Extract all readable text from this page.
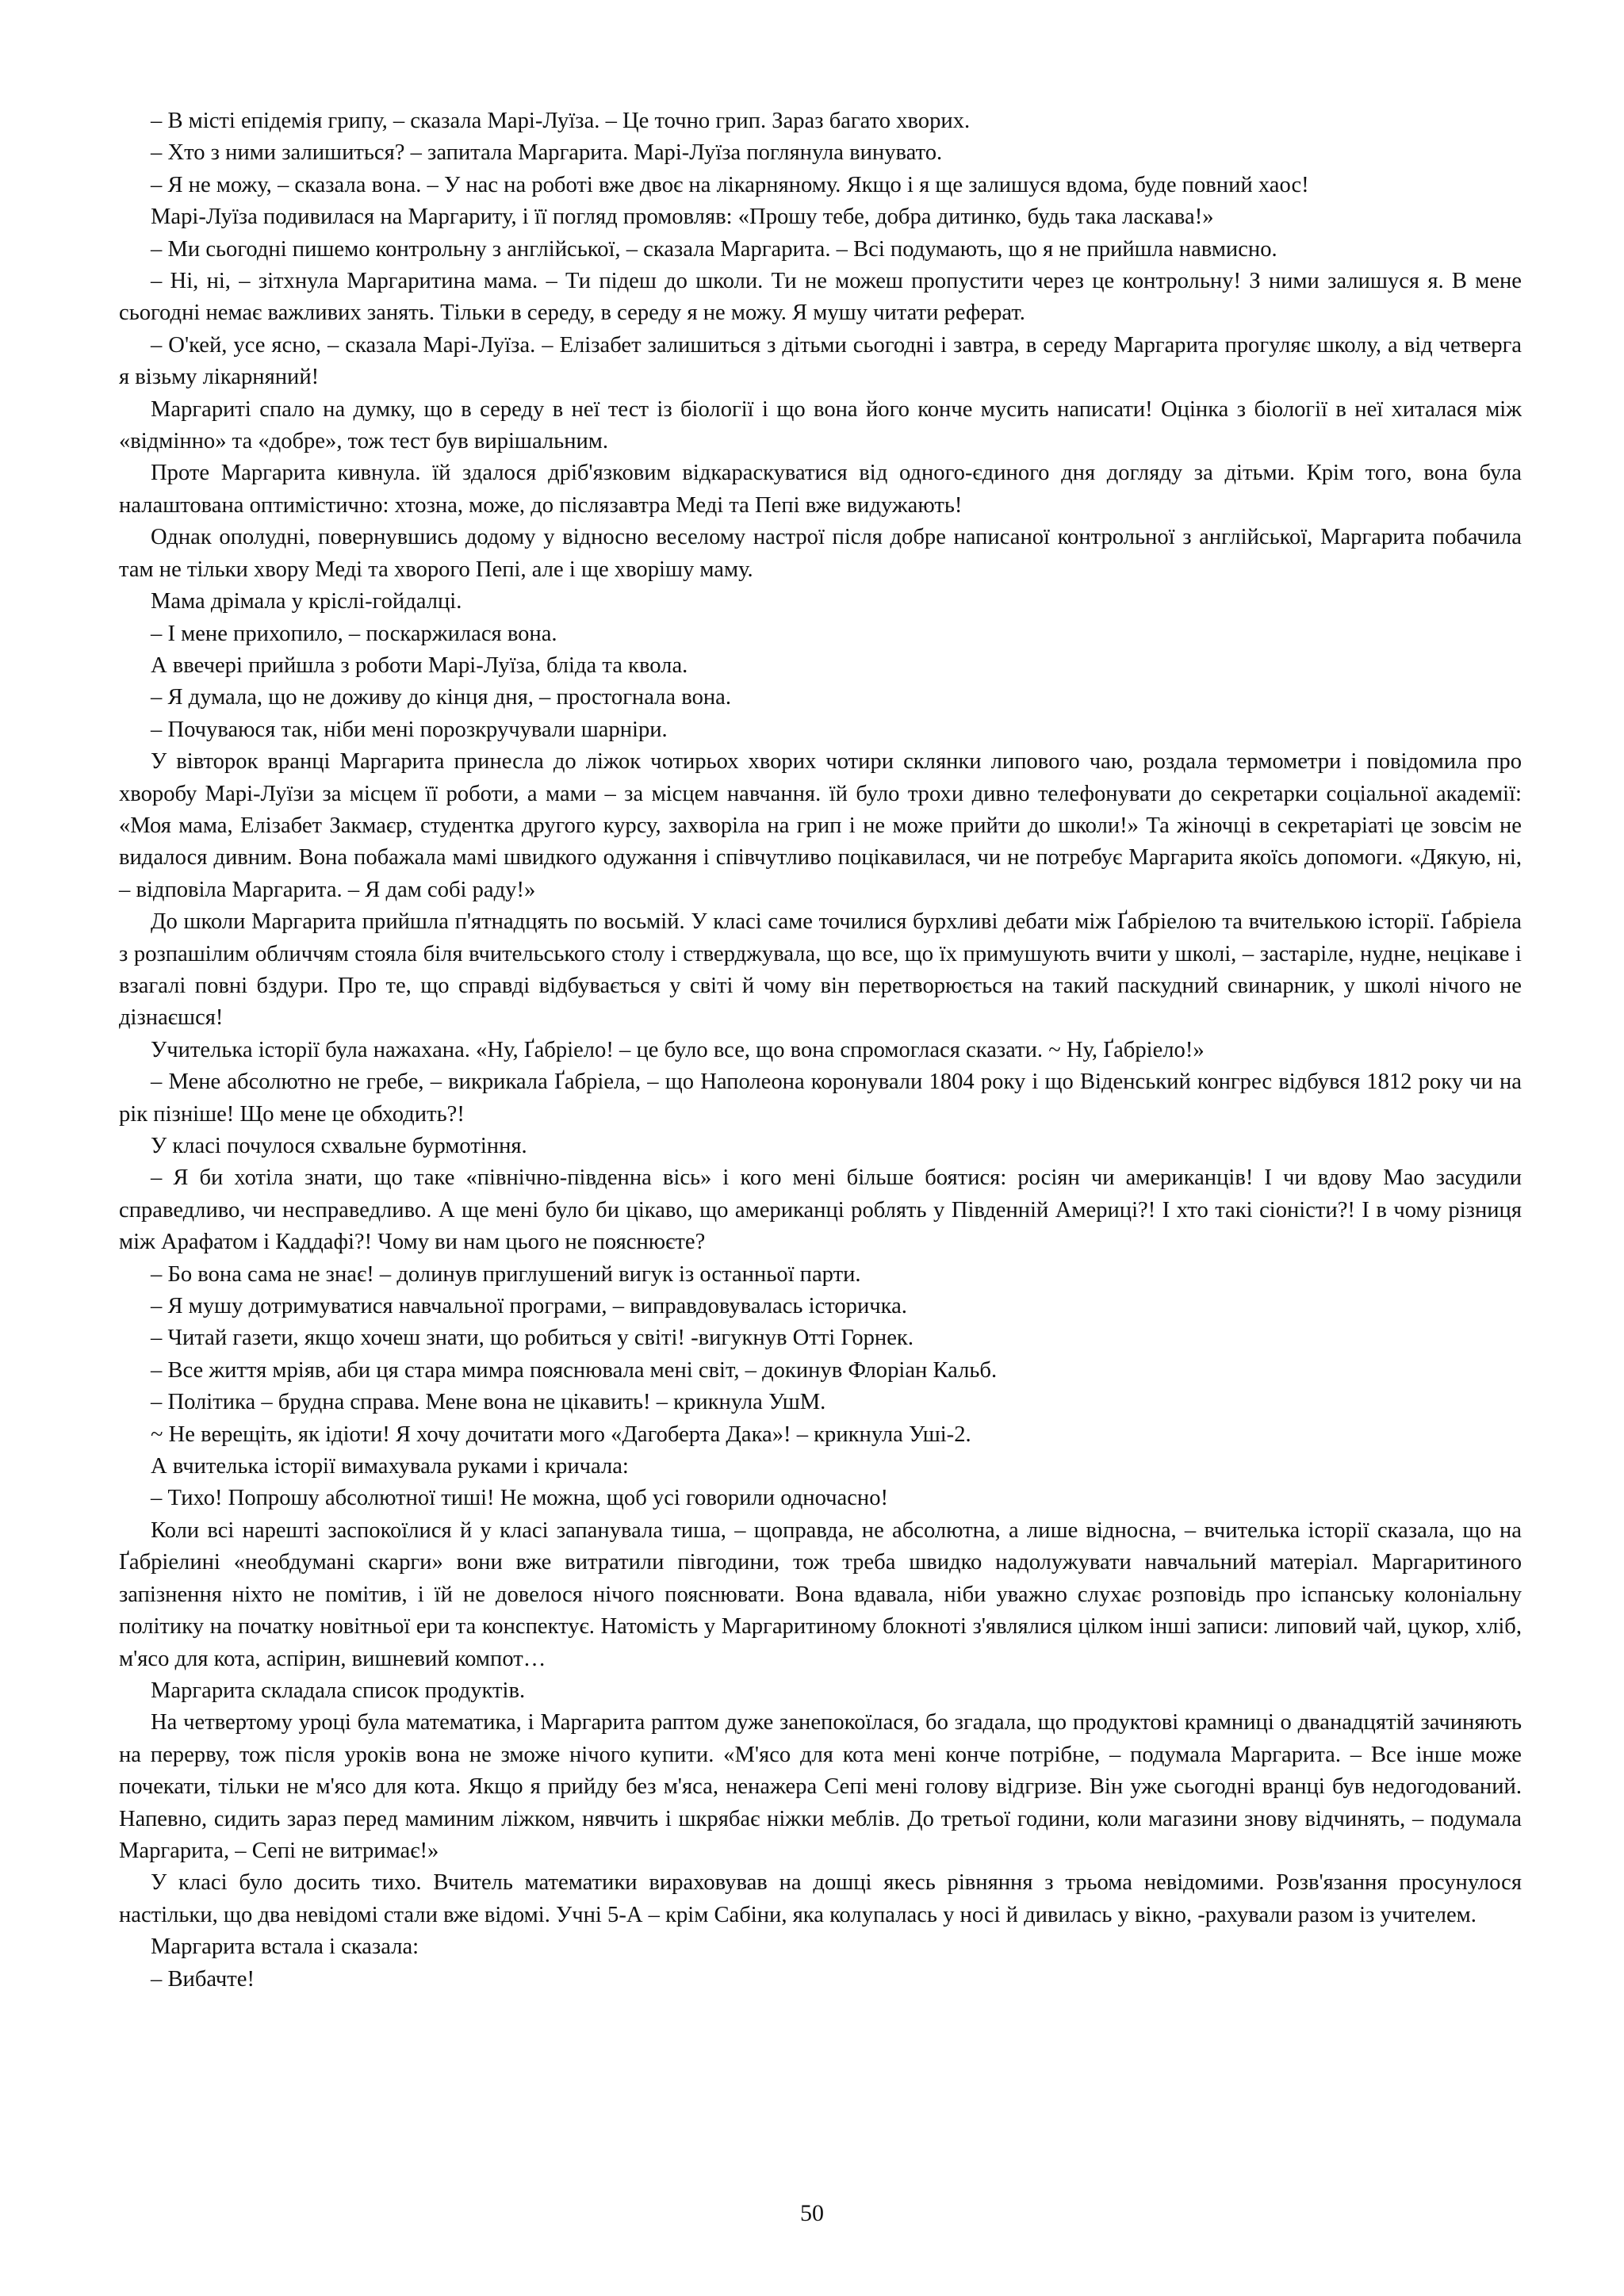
– В місті епідемія грипу, – сказала Марі-Луїза. – Це точно грип. Зараз багато хворих.

– Хто з ними залишиться? – запитала Маргарита. Марі-Луїза поглянула винувато.

– Я не можу, – сказала вона. – У нас на роботі вже двоє на лікарняному. Якщо і я ще залишуся вдома, буде повний хаос!

Марі-Луїза подивилася на Маргариту, і її погляд промовляв: «Прошу тебе, добра дитинко, будь така ласкава!»

– Ми сьогодні пишемо контрольну з англійської, – сказала Маргарита. – Всі подумають, що я не прийшла навмисно.

– Ні, ні, – зітхнула Маргаритина мама. – Ти підеш до школи. Ти не можеш пропустити через це контрольну! З ними залишуся я. В мене сьогодні немає важливих занять. Тільки в середу, в середу я не можу. Я мушу читати реферат.

– О'кей, усе ясно, – сказала Марі-Луїза. – Елізабет залишиться з дітьми сьогодні і завтра, в середу Маргарита прогуляє школу, а від четверга я візьму лікарняний!

Маргариті спало на думку, що в середу в неї тест із біології і що вона його конче мусить написати! Оцінка з біології в неї хиталася між «відмінно» та «добре», тож тест був вирішальним.

Проте Маргарита кивнула. їй здалося дріб'язковим відкараскуватися від одного-єдиного дня догляду за дітьми. Крім того, вона була налаштована оптимістично: хтозна, може, до післязавтра Меді та Пепі вже видужають!

Однак ополудні, повернувшись додому у відносно веселому настрої після добре написаної контрольної з англійської, Маргарита побачила там не тільки хвору Меді та хворого Пепі, але і ще хворішу маму.

Мама дрімала у кріслі-гойдалці.

– І мене прихопило, – поскаржилася вона.

А ввечері прийшла з роботи Марі-Луїза, бліда та квола.

– Я думала, що не доживу до кінця дня, – простогнала вона.

– Почуваюся так, ніби мені порозкручували шарніри.

У вівторок вранці Маргарита принесла до ліжок чотирьох хворих чотири склянки липового чаю, роздала термометри і повідомила про хворобу Марі-Луїзи за місцем її роботи, а мами – за місцем навчання. їй було трохи дивно телефонувати до секретарки соціальної академії: «Моя мама, Елізабет Закмаєр, студентка другого курсу, захворіла на грип і не може прийти до школи!» Та жіночці в секретаріаті це зовсім не видалося дивним. Вона побажала мамі швидкого одужання і співчутливо поцікавилася, чи не потребує Маргарита якоїсь допомоги. «Дякую, ні, – відповіла Маргарита. – Я дам собі раду!»

До школи Маргарита прийшла п'ятнадцять по восьмій. У класі саме точилися бурхливі дебати між Ґабріелою та вчителькою історії. Ґабріела з розпашілим обличчям стояла біля вчительського столу і стверджувала, що все, що їх примушують вчити у школі, – застаріле, нудне, нецікаве і взагалі повні бздури. Про те, що справді відбувається у світі й чому він перетворюється на такий паскудний свинарник, у школі нічого не дізнаєшся!

Учителька історії була нажахана. «Ну, Ґабріело! – це було все, що вона спромоглася сказати. ~ Ну, Ґабріело!»

– Мене абсолютно не гребе, – викрикала Ґабріела, – що Наполеона коронували 1804 року і що Віденський конгрес відбувся 1812 року чи на рік пізніше! Що мене це обходить?!

У класі почулося схвальне бурмотіння.

– Я би хотіла знати, що таке «північно-південна вісь» і кого мені більше боятися: росіян чи американців! І чи вдову Мао засудили справедливо, чи несправедливо. А ще мені було би цікаво, що американці роблять у Південній Америці?! І хто такі сіоністи?! І в чому різниця між Арафатом і Каддафі?! Чому ви нам цього не пояснюєте?

– Бо вона сама не знає! – долинув приглушений вигук із останньої парти.

– Я мушу дотримуватися навчальної програми, – виправдовувалась історичка.

– Читай газети, якщо хочеш знати, що робиться у світі! -вигукнув Отті Горнек.

– Все життя мріяв, аби ця стара мимра пояснювала мені світ, – докинув Флоріан Кальб.

– Політика – брудна справа. Мене вона не цікавить! – крикнула УшМ.

~ Не верещіть, як ідіоти! Я хочу дочитати мого «Дагоберта Дака»! – крикнула Уші-2.

А вчителька історії вимахувала руками і кричала:

– Тихо! Попрошу абсолютної тиші! Не можна, щоб усі говорили одночасно!

Коли всі нарешті заспокоїлися й у класі запанувала тиша, – щоправда, не абсолютна, а лише відносна, – вчителька історії сказала, що на Ґабріелині «необдумані скарги» вони вже витратили півгодини, тож треба швидко надолужувати навчальний матеріал. Маргаритиного запізнення ніхто не помітив, і їй не довелося нічого пояснювати. Вона вдавала, ніби уважно слухає розповідь про іспанську колоніальну політику на початку новітньої ери та конспектує. Натомість у Маргаритиному блокноті з'являлися цілком інші записи: липовий чай, цукор, хліб, м'ясо для кота, аспірин, вишневий компот…

Маргарита складала список продуктів.

На четвертому уроці була математика, і Маргарита раптом дуже занепокоїлася, бо згадала, що продуктові крамниці о дванадцятій зачиняють на перерву, тож після уроків вона не зможе нічого купити. «М'ясо для кота мені конче потрібне, – подумала Маргарита. – Все інше може почекати, тільки не м'ясо для кота. Якщо я прийду без м'яса, ненажера Сепі мені голову відгризе. Він уже сьогодні вранці був недогодований. Напевно, сидить зараз перед маминим ліжком, нявчить і шкрябає ніжки меблів. До третьої години, коли магазини знову відчинять, – подумала Маргарита, – Сепі не витримає!»

У класі було досить тихо. Вчитель математики вираховував на дошці якесь рівняння з трьома невідомими. Розв'язання просунулося настільки, що два невідомі стали вже відомі. Учні 5-А – крім Сабіни, яка колупалась у носі й дивилась у вікно, -рахували разом із учителем.

Маргарита встала і сказала:

– Вибачте!

50
